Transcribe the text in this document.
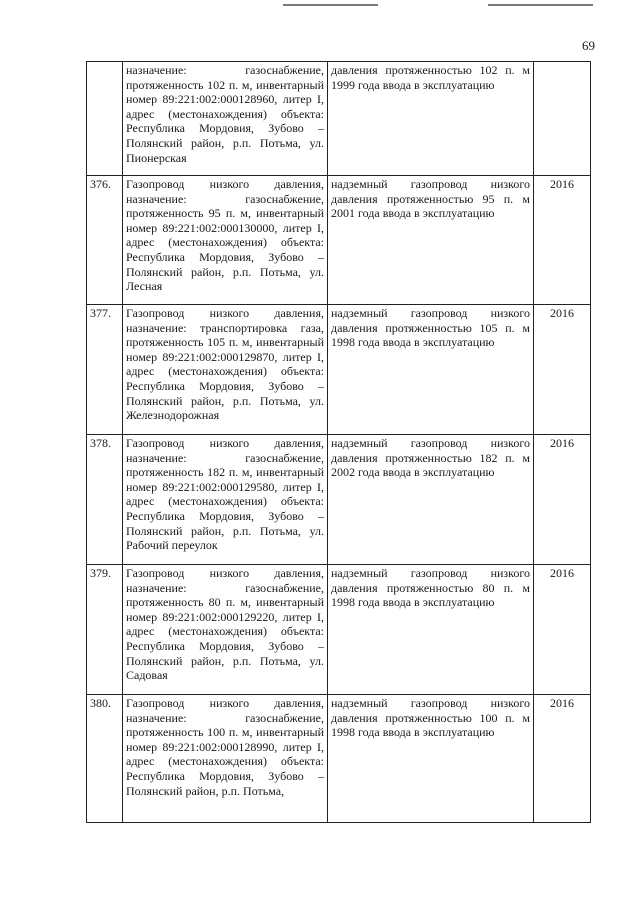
69
	назначение: газоснабжение, протяженность 102 п. м, инвентарный номер 89:221:002:000128960, литер I, адрес (местонахождения) объекта: Республика Мордовия, Зубово – Полянский район, р.п. Потьма, ул. Пионерская	давления протяженностью 102 п. м 1999 года ввода в эксплуатацию	
376.	Газопровод низкого давления, назначение: газоснабжение, протяженность 95 п. м, инвентарный номер 89:221:002:000130000, литер I, адрес (местонахождения) объекта: Республика Мордовия, Зубово – Полянский район, р.п. Потьма, ул. Лесная	надземный газопровод низкого давления протяженностью 95 п. м 2001 года ввода в эксплуатацию	2016
377.	Газопровод низкого давления, назначение: транспортировка газа, протяженность 105 п. м, инвентарный номер 89:221:002:000129870, литер I, адрес (местонахождения) объекта: Республика Мордовия, Зубово – Полянский район, р.п. Потьма, ул. Железнодорожная	надземный газопровод низкого давления протяженностью 105 п. м 1998 года ввода в эксплуатацию	2016
378.	Газопровод низкого давления, назначение: газоснабжение, протяженность 182 п. м, инвентарный номер 89:221:002:000129580, литер I, адрес (местонахождения) объекта: Республика Мордовия, Зубово – Полянский район, р.п. Потьма, ул. Рабочий переулок	надземный газопровод низкого давления протяженностью 182 п. м 2002 года ввода в эксплуатацию	2016
379.	Газопровод низкого давления, назначение: газоснабжение, протяженность 80 п. м, инвентарный номер 89:221:002:000129220, литер I, адрес (местонахождения) объекта: Республика Мордовия, Зубово – Полянский район, р.п. Потьма, ул. Садовая	надземный газопровод низкого давления протяженностью 80 п. м 1998 года ввода в эксплуатацию	2016
380.	Газопровод низкого давления, назначение: газоснабжение, протяженность 100 п. м, инвентарный номер 89:221:002:000128990, литер I, адрес (местонахождения) объекта: Республика Мордовия, Зубово – Полянский район, р.п. Потьма,	надземный газопровод низкого давления протяженностью 100 п. м 1998 года ввода в эксплуатацию	2016
